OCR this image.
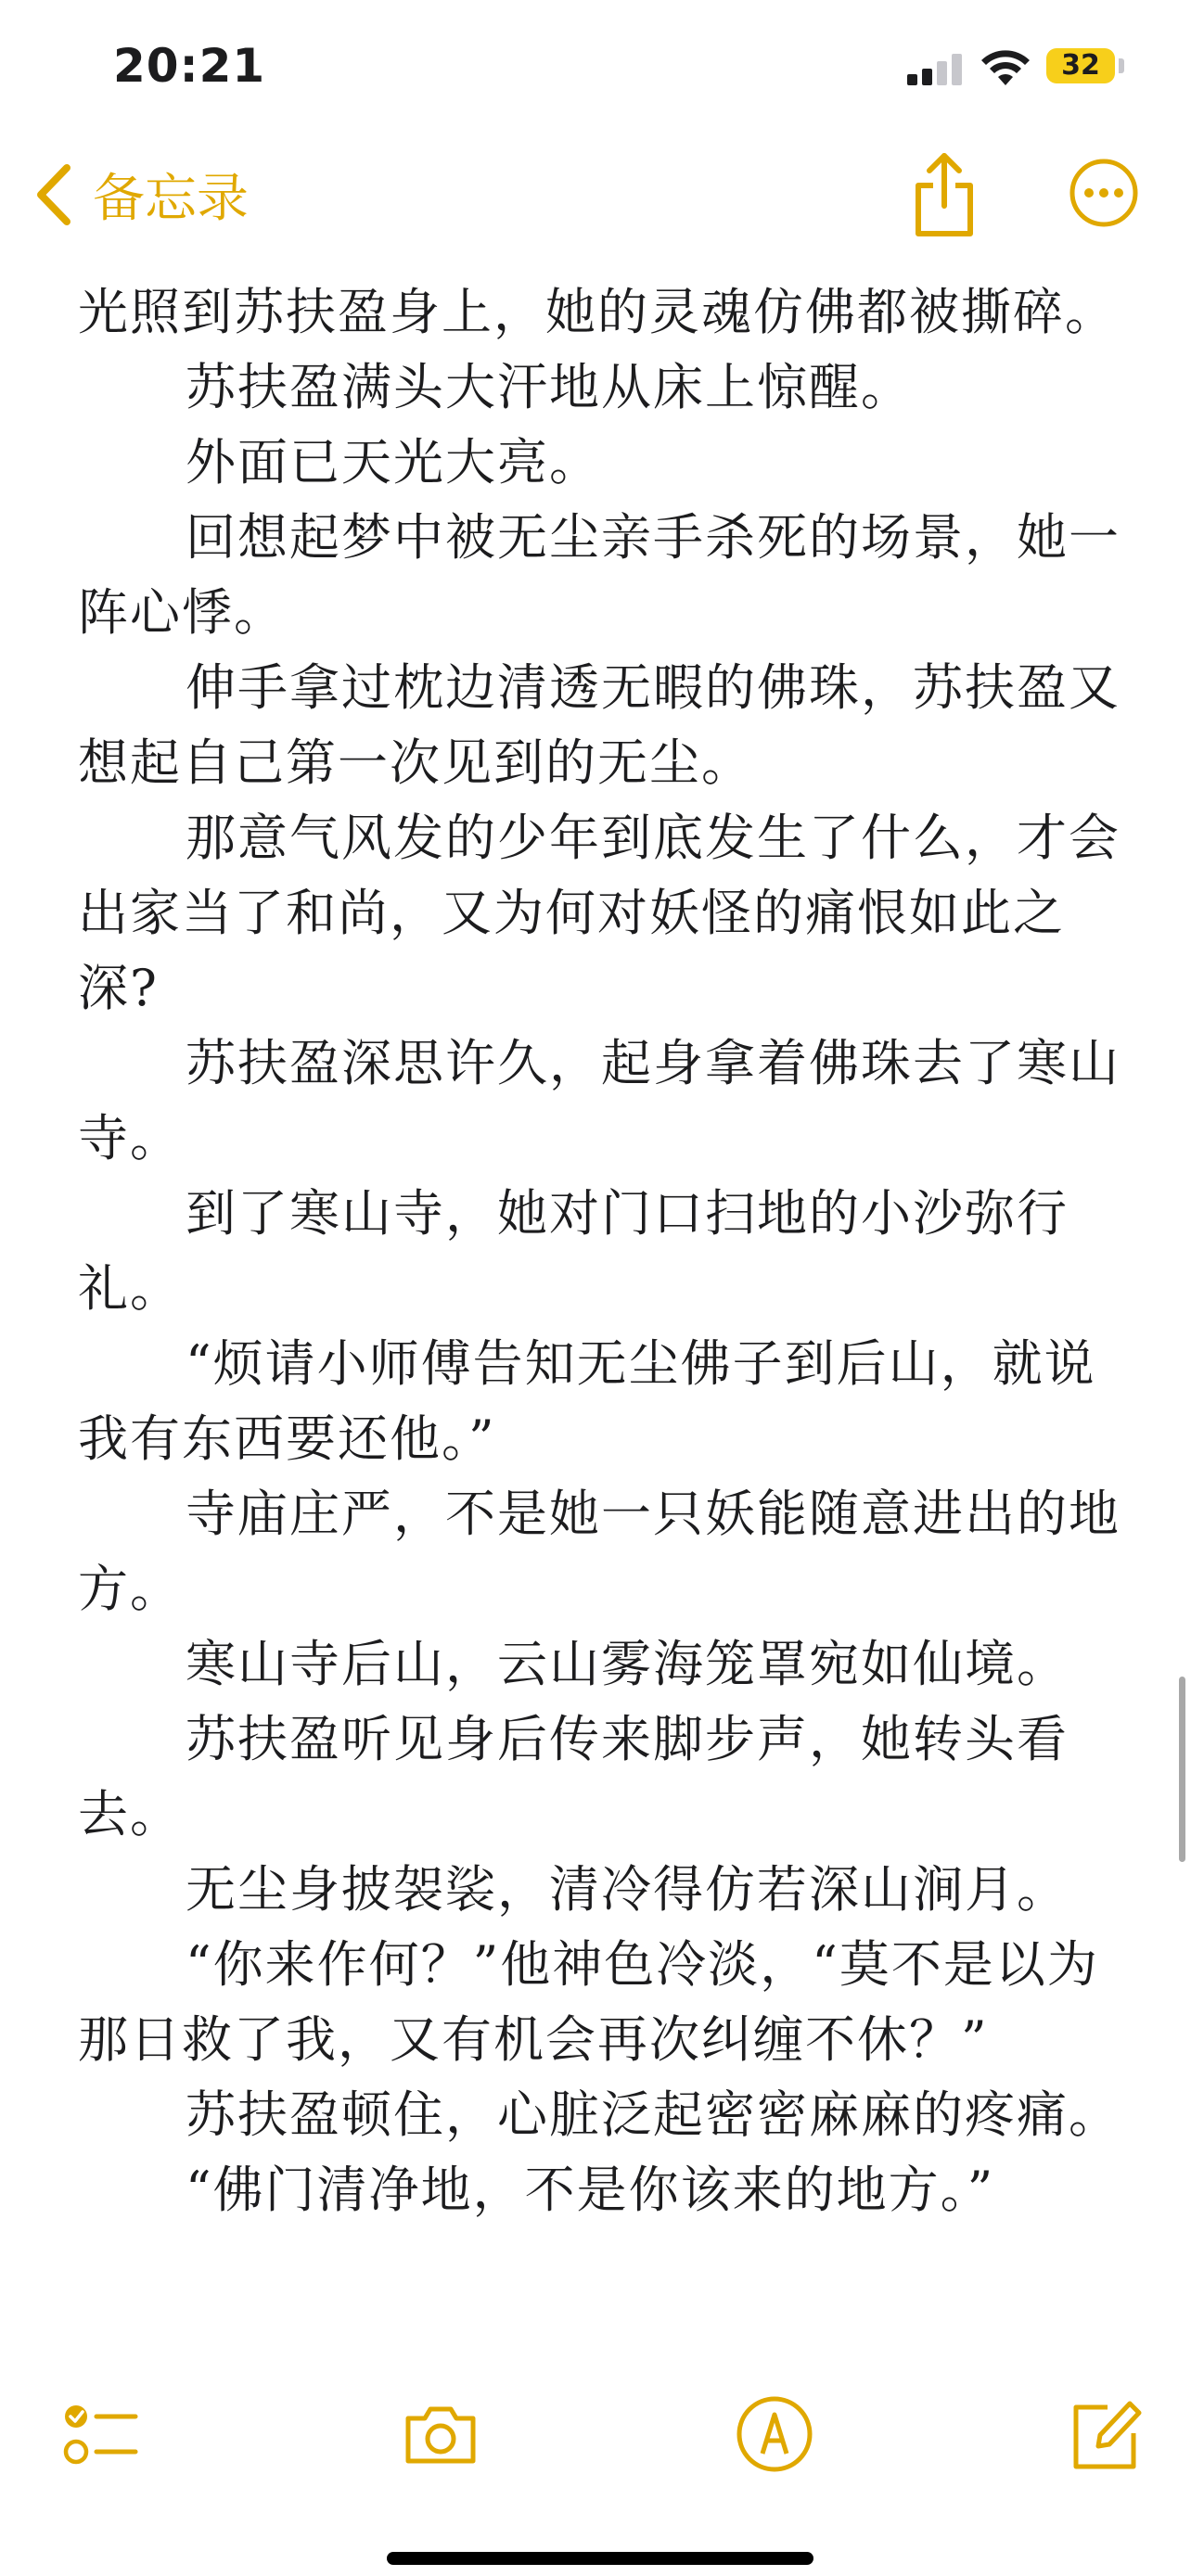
20:21	32
备忘录

光照到苏扶盈身上，她的灵魂仿佛都被撕碎。

苏扶盈满头大汗地从床上惊醒。

外面已天光大亮。

回想起梦中被无尘亲手杀死的场景，她一阵心悸。

伸手拿过枕边清透无暇的佛珠，苏扶盈又想起自己第一次见到的无尘。

那意气风发的少年到底发生了什么，才会出家当了和尚，又为何对妖怪的痛恨如此之深?

苏扶盈深思许久，起身拿着佛珠去了寒山寺。

到了寒山寺，她对门口扫地的小沙弥行礼。

“烦请小师傅告知无尘佛子到后山，就说我有东西要还他。”

寺庙庄严，不是她一只妖能随意进出的地方。

寒山寺后山，云山雾海笼罩宛如仙境。

苏扶盈听见身后传来脚步声，她转头看去。

无尘身披袈裟，清冷得仿若深山涧月。

“你来作何？”他神色冷淡，“莫不是以为那日救了我，又有机会再次纠缠不休？”

苏扶盈顿住，心脏泛起密密麻麻的疼痛。

“佛门清净地，不是你该来的地方。”
